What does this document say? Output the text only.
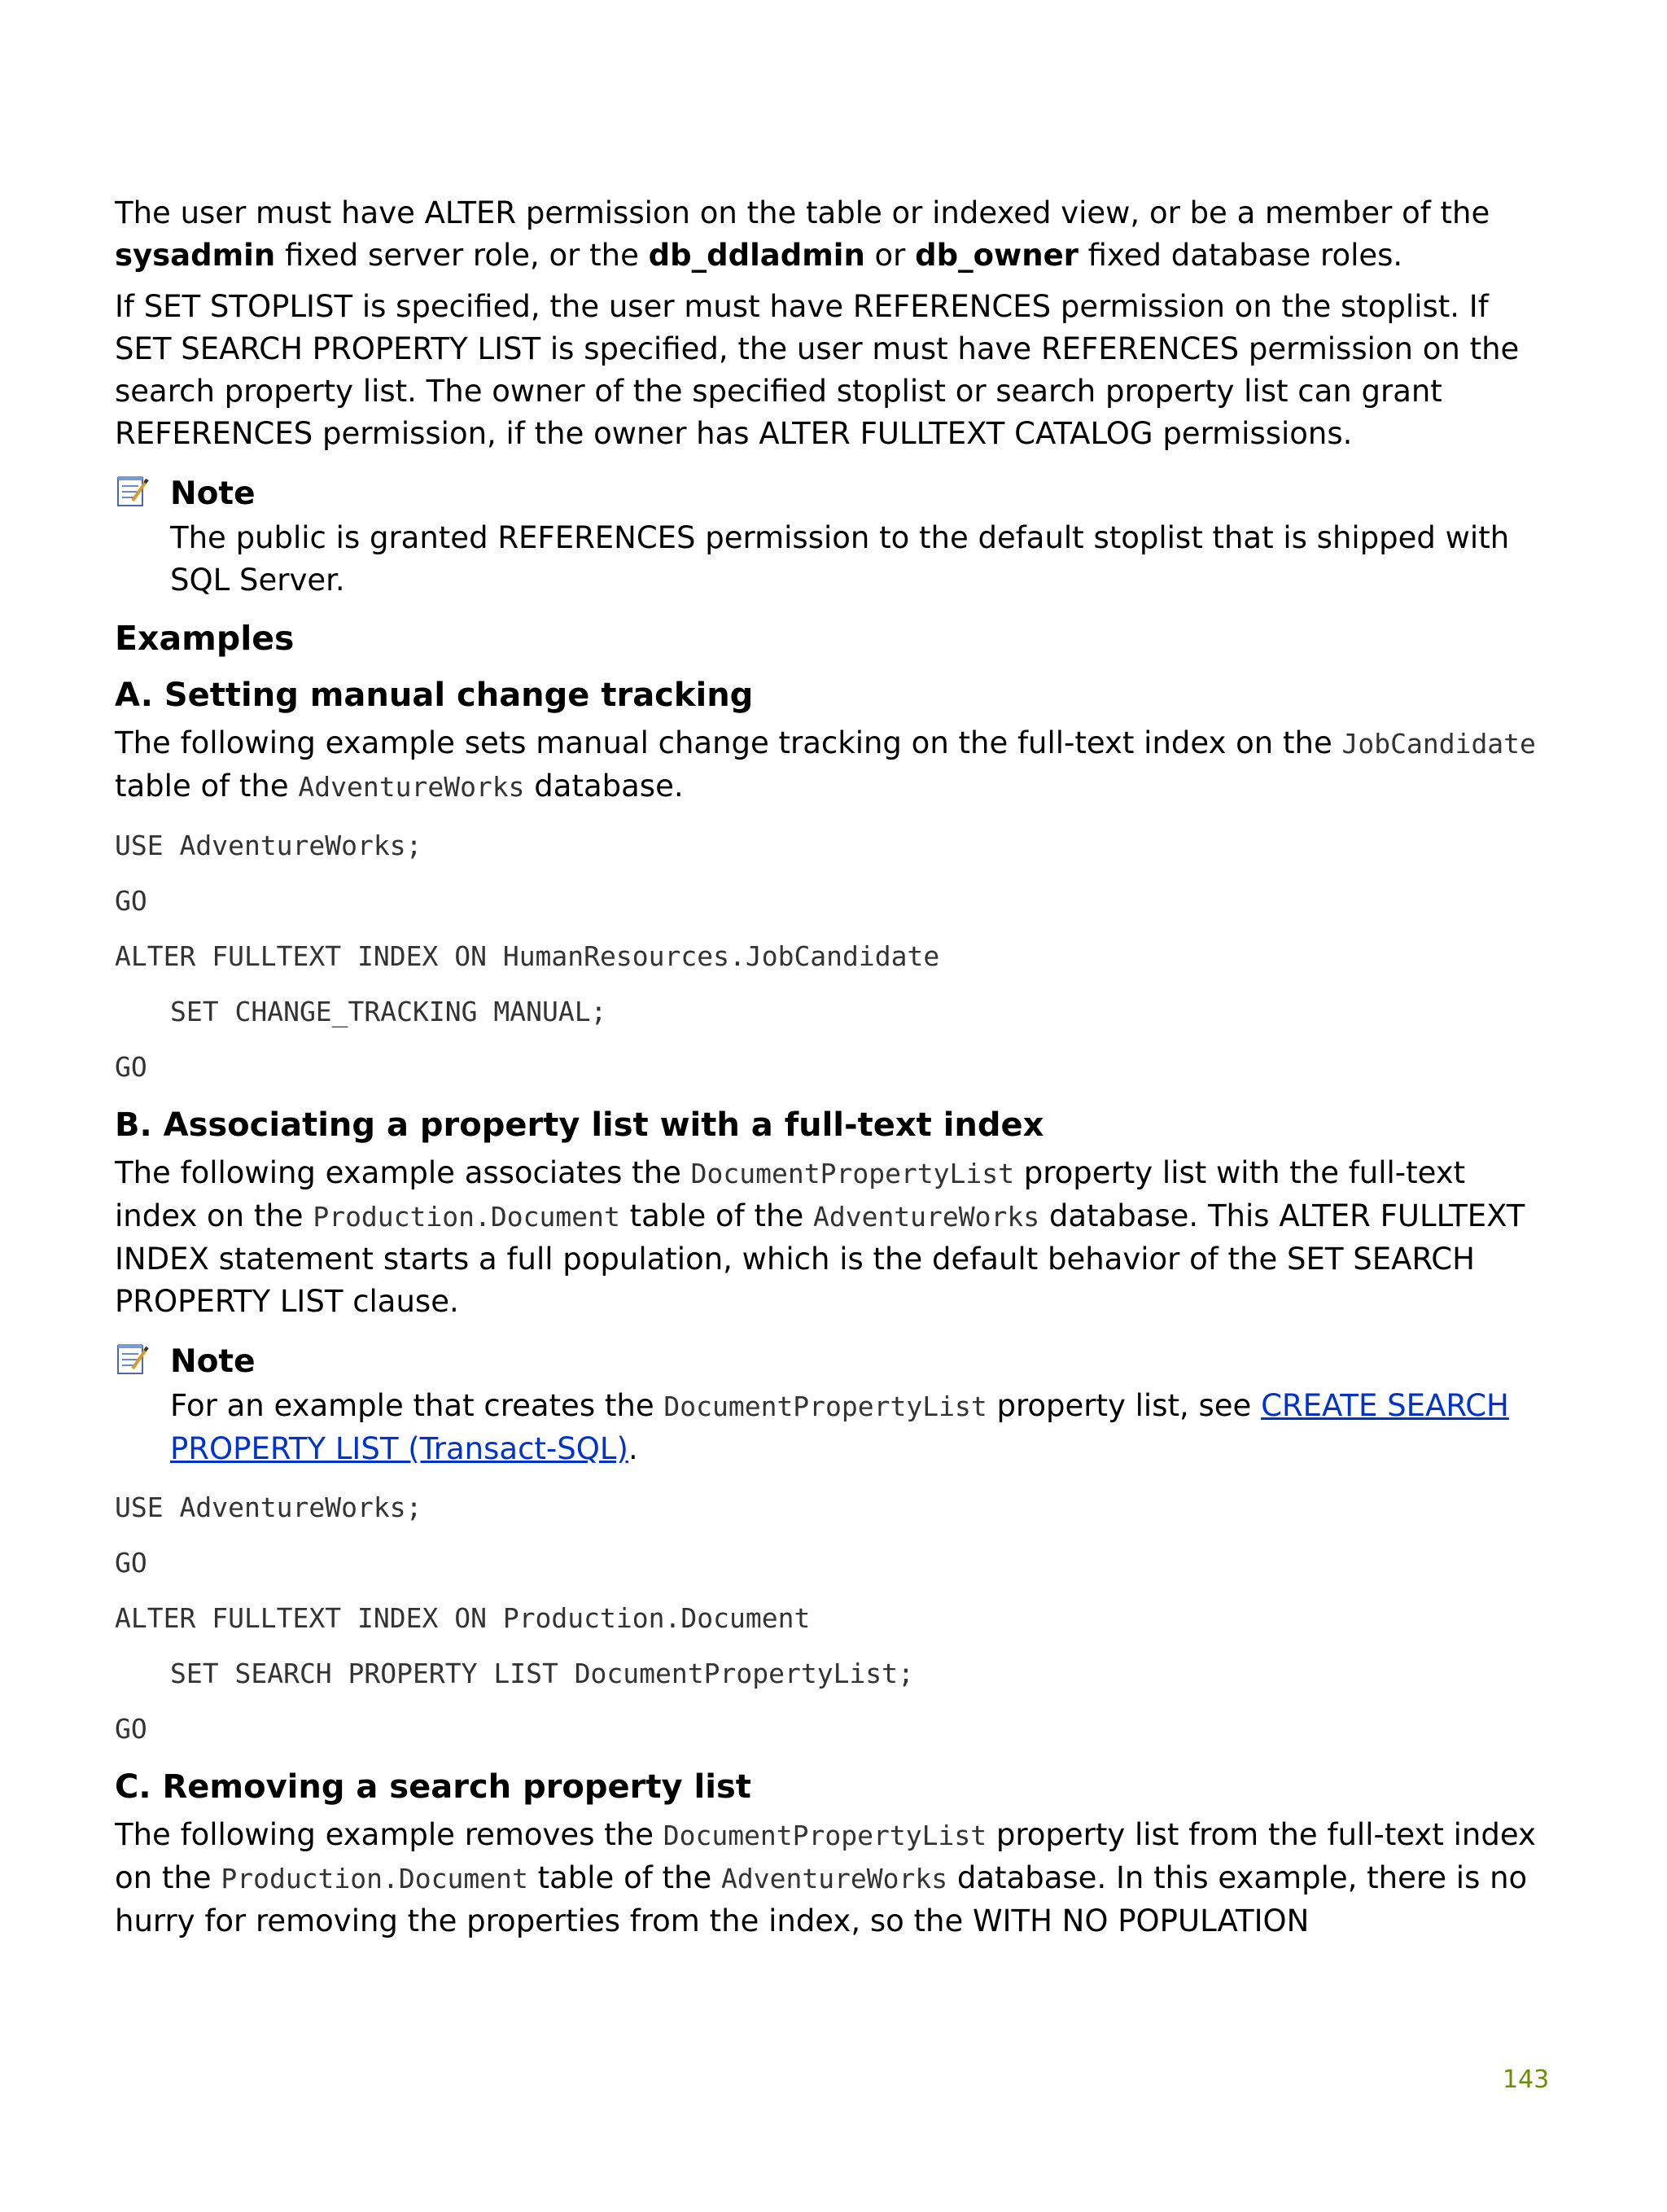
The user must have ALTER permission on the table or indexed view, or be a member of the sysadmin fixed server role, or the db_ddladmin or db_owner fixed database roles.

If SET STOPLIST is specified, the user must have REFERENCES permission on the stoplist. If SET SEARCH PROPERTY LIST is specified, the user must have REFERENCES permission on the search property list. The owner of the specified stoplist or search property list can grant REFERENCES permission, if the owner has ALTER FULLTEXT CATALOG permissions.

Note
The public is granted REFERENCES permission to the default stoplist that is shipped with SQL Server.
Examples
A. Setting manual change tracking

The following example sets manual change tracking on the full-text index on the JobCandidate table of the AdventureWorks database.

USE AdventureWorks;
GO
ALTER FULLTEXT INDEX ON HumanResources.JobCandidate
SET CHANGE_TRACKING MANUAL;
GO
B. Associating a property list with a full-text index

The following example associates the DocumentPropertyList property list with the full-text index on the Production.Document table of the AdventureWorks database. This ALTER FULLTEXT INDEX statement starts a full population, which is the default behavior of the SET SEARCH PROPERTY LIST clause.

Note
For an example that creates the DocumentPropertyList property list, see CREATE SEARCH PROPERTY LIST (Transact-SQL).
USE AdventureWorks;
GO
ALTER FULLTEXT INDEX ON Production.Document
SET SEARCH PROPERTY LIST DocumentPropertyList;
GO
C. Removing a search property list

The following example removes the DocumentPropertyList property list from the full-text index on the Production.Document table of the AdventureWorks database. In this example, there is no hurry for removing the properties from the index, so the WITH NO POPULATION

143
